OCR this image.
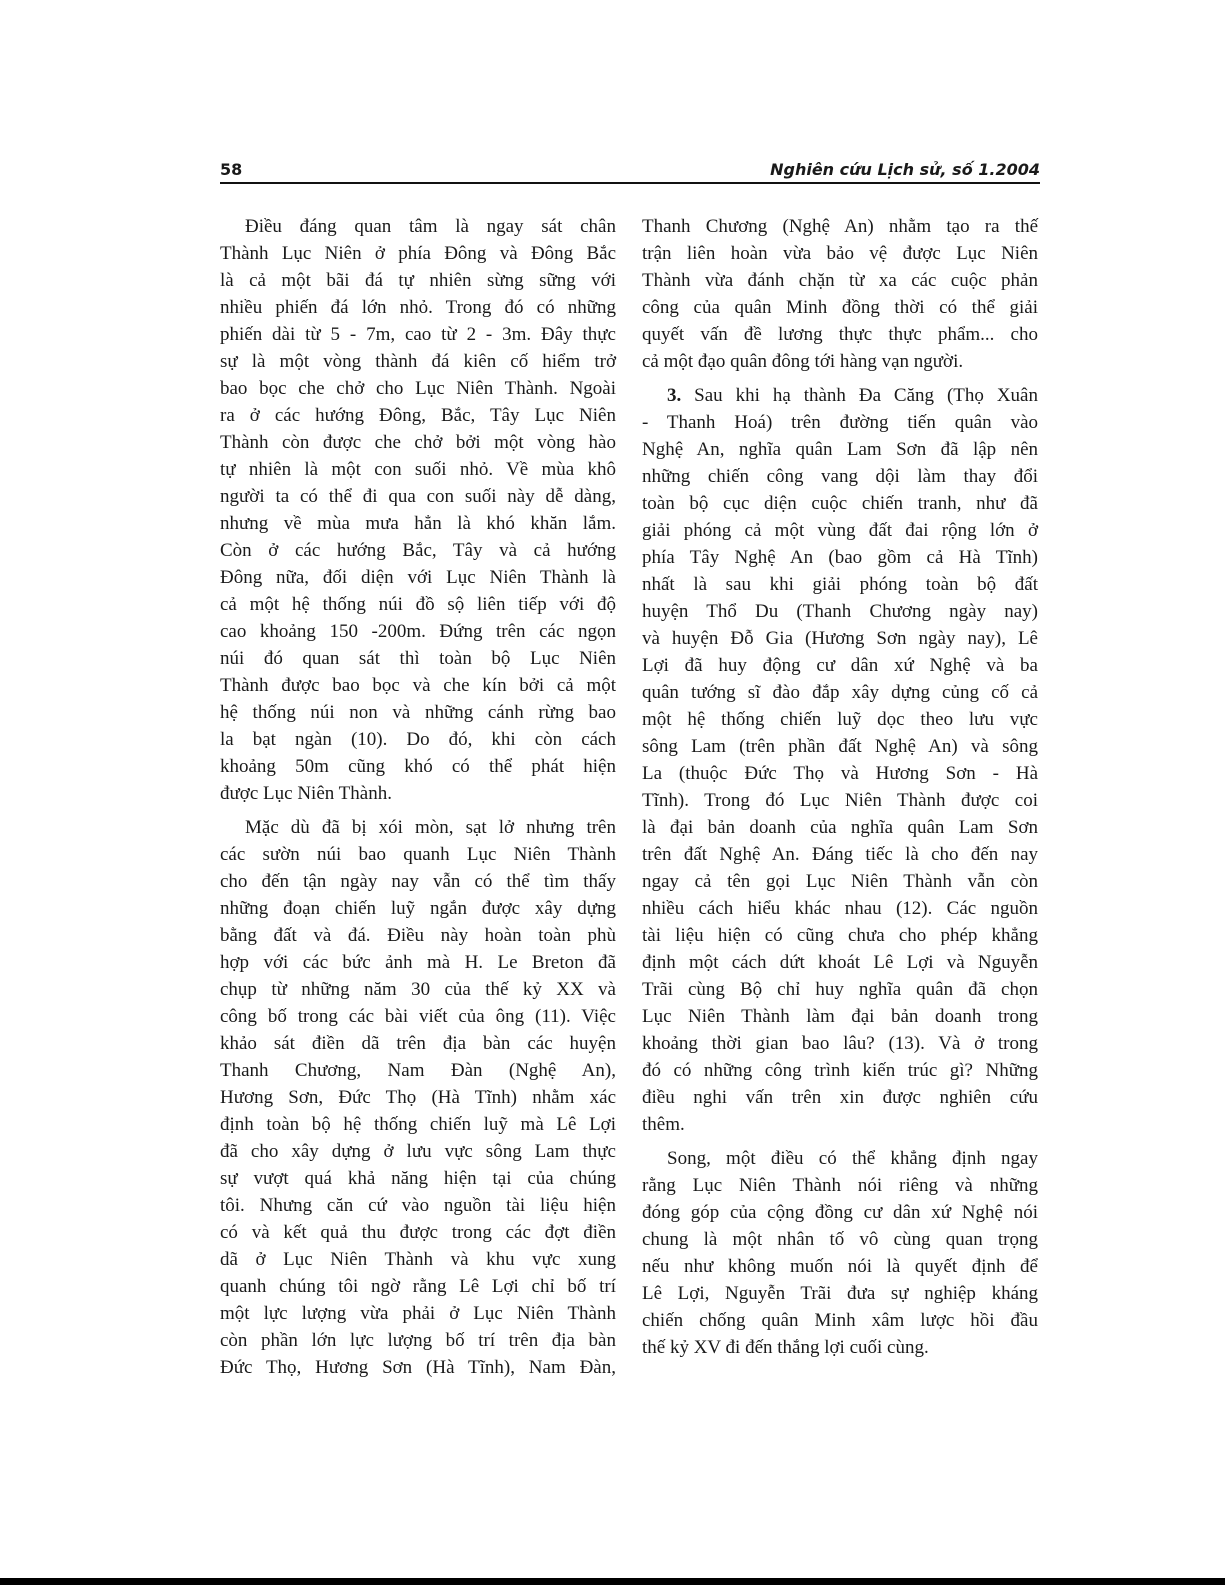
58	Nghiên cứu Lịch sử, số 1.2004
Điều đáng quan tâm là ngay sát chân
Thành Lục Niên ở phía Đông và Đông Bắc
là cả một bãi đá tự nhiên sừng sững với
nhiều phiến đá lớn nhỏ. Trong đó có những
phiến dài từ 5 - 7m, cao từ 2 - 3m. Đây thực
sự là một vòng thành đá kiên cố hiểm trở
bao bọc che chở cho Lục Niên Thành. Ngoài
ra ở các hướng Đông, Bắc, Tây Lục Niên
Thành còn được che chở bởi một vòng hào
tự nhiên là một con suối nhỏ. Về mùa khô
người ta có thể đi qua con suối này dễ dàng,
nhưng về mùa mưa hẳn là khó khăn lắm.
Còn ở các hướng Bắc, Tây và cả hướng
Đông nữa, đối diện với Lục Niên Thành là
cả một hệ thống núi đồ sộ liên tiếp với độ
cao khoảng 150 -200m. Đứng trên các ngọn
núi đó quan sát thì toàn bộ Lục Niên
Thành được bao bọc và che kín bởi cả một
hệ thống núi non và những cánh rừng bao
la bạt ngàn (10). Do đó, khi còn cách
khoảng 50m cũng khó có thể phát hiện
được Lục Niên Thành.
Mặc dù đã bị xói mòn, sạt lở nhưng trên
các sườn núi bao quanh Lục Niên Thành
cho đến tận ngày nay vẫn có thể tìm thấy
những đoạn chiến luỹ ngắn được xây dựng
bằng đất và đá. Điều này hoàn toàn phù
hợp với các bức ảnh mà H. Le Breton đã
chụp từ những năm 30 của thế kỷ XX và
công bố trong các bài viết của ông (11). Việc
khảo sát điền dã trên địa bàn các huyện
Thanh Chương, Nam Đàn (Nghệ An),
Hương Sơn, Đức Thọ (Hà Tĩnh) nhằm xác
định toàn bộ hệ thống chiến luỹ mà Lê Lợi
đã cho xây dựng ở lưu vực sông Lam thực
sự vượt quá khả năng hiện tại của chúng
tôi. Nhưng căn cứ vào nguồn tài liệu hiện
có và kết quả thu được trong các đợt điền
dã ở Lục Niên Thành và khu vực xung
quanh chúng tôi ngờ rằng Lê Lợi chỉ bố trí
một lực lượng vừa phải ở Lục Niên Thành
còn phần lớn lực lượng bố trí trên địa bàn
Đức Thọ, Hương Sơn (Hà Tĩnh), Nam Đàn,
Thanh Chương (Nghệ An) nhằm tạo ra thế
trận liên hoàn vừa bảo vệ được Lục Niên
Thành vừa đánh chặn từ xa các cuộc phản
công của quân Minh đồng thời có thể giải
quyết vấn đề lương thực thực phẩm... cho
cả một đạo quân đông tới hàng vạn người.
3. Sau khi hạ thành Đa Căng (Thọ Xuân
- Thanh Hoá) trên đường tiến quân vào
Nghệ An, nghĩa quân Lam Sơn đã lập nên
những chiến công vang dội làm thay đổi
toàn bộ cục diện cuộc chiến tranh, như đã
giải phóng cả một vùng đất đai rộng lớn ở
phía Tây Nghệ An (bao gồm cả Hà Tĩnh)
nhất là sau khi giải phóng toàn bộ đất
huyện Thổ Du (Thanh Chương ngày nay)
và huyện Đỗ Gia (Hương Sơn ngày nay), Lê
Lợi đã huy động cư dân xứ Nghệ và ba
quân tướng sĩ đào đắp xây dựng củng cố cả
một hệ thống chiến luỹ dọc theo lưu vực
sông Lam (trên phần đất Nghệ An) và sông
La (thuộc Đức Thọ và Hương Sơn - Hà
Tĩnh). Trong đó Lục Niên Thành được coi
là đại bản doanh của nghĩa quân Lam Sơn
trên đất Nghệ An. Đáng tiếc là cho đến nay
ngay cả tên gọi Lục Niên Thành vẫn còn
nhiều cách hiểu khác nhau (12). Các nguồn
tài liệu hiện có cũng chưa cho phép khẳng
định một cách dứt khoát Lê Lợi và Nguyễn
Trãi cùng Bộ chỉ huy nghĩa quân đã chọn
Lục Niên Thành làm đại bản doanh trong
khoảng thời gian bao lâu? (13). Và ở trong
đó có những công trình kiến trúc gì? Những
điều nghi vấn trên xin được nghiên cứu
thêm.
Song, một điều có thể khẳng định ngay
rằng Lục Niên Thành nói riêng và những
đóng góp của cộng đồng cư dân xứ Nghệ nói
chung là một nhân tố vô cùng quan trọng
nếu như không muốn nói là quyết định để
Lê Lợi, Nguyễn Trãi đưa sự nghiệp kháng
chiến chống quân Minh xâm lược hồi đầu
thế kỷ XV đi đến thắng lợi cuối cùng.
